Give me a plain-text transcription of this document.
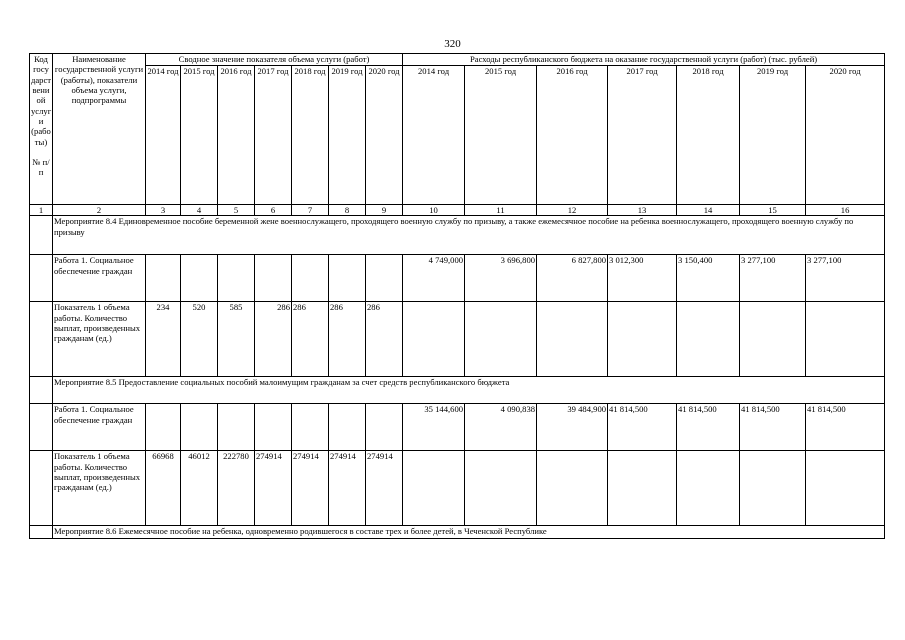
320
Код госу дарст вени ой услуг и (рабо ты)

№ п/п	Наименование государственной услуги (работы), показатели объема услуги, подпрограммы	Сводное значение показателя объема услуги (работ)							Расходы республиканского бюджета на оказание государственной услуги (работ) (тыс. рублей)						
		2014 год	2015 год	2016 год	2017 год	2018 год	2019 год	2020 год	2014 год	2015 год	2016 год	2017 год	2018 год	2019 год	2020 год
1	2	3	4	5	6	7	8	9	10	11	12	13	14	15	16
	Мероприятие 8.4 Единовременное пособие беременной жене военнослужащего, проходящего военную службу по призыву, а также ежемесячное пособие на ребенка военнослужащего, проходящего военную службу по призыву														
	Работа 1. Социальное обеспечение граждан								4 749,000	3 696,800	6 827,800	3 012,300	3 150,400	3 277,100	3 277,100
	Показатель 1 объема работы. Количество выплат, произведенных гражданам (ед.)	234	520	585	286	286	286	286							
	Мероприятие 8.5 Предоставление социальных пособий малоимущим гражданам за счет средств республиканского бюджета														
	Работа 1. Социальное обеспечение граждан								35 144,600	4 090,838	39 484,900	41 814,500	41 814,500	41 814,500	41 814,500
	Показатель 1 объема работы. Количество выплат, произведенных гражданам (ед.)	66968	46012	222780	274914	274914	274914	274914							
	Мероприятие 8.6 Ежемесячное пособие на ребенка, одновременно родившегося в составе трех и более детей, в Чеченской Республике														
